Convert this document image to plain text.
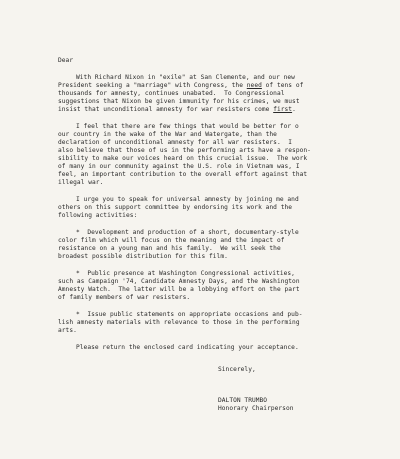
Dear
With Richard Nixon in "exile" at San Clemente, and our new
President seeking a "marriage" with Congress, the need of tens of
thousands for amnesty, continues unabated.  To Congressional
suggestions that Nixon be given immunity for his crimes, we must
insist that unconditional amnesty for war resisters come first.
I feel that there are few things that would be better for o
our country in the wake of the War and Watergate, than the
declaration of unconditional amnesty for all war resisters.  I
also believe that those of us in the performing arts have a respon-
sibility to make our voices heard on this crucial issue.  The work
of many in our community against the U.S. role in Vietnam was, I
feel, an important contribution to the overall effort against that
illegal war.
I urge you to speak for universal amnesty by joining me and
others on this support committee by endorsing its work and the
following activities:
*  Development and production of a short, documentary-style
color film which will focus on the meaning and the impact of
resistance on a young man and his family.  We will seek the
broadest possible distribution for this film.
*  Public presence at Washington Congressional activities,
such as Campaign '74, Candidate Amnesty Days, and the Washington
Amnesty Watch.  The latter will be a lobbying effort on the part
of family members of war resisters.
*  Issue public statements on appropriate occasions and pub-
lish amnesty materials with relevance to those in the performing
arts.
Please return the enclosed card indicating your acceptance.
Sincerely,
DALTON TRUMBO
Honorary Chairperson
